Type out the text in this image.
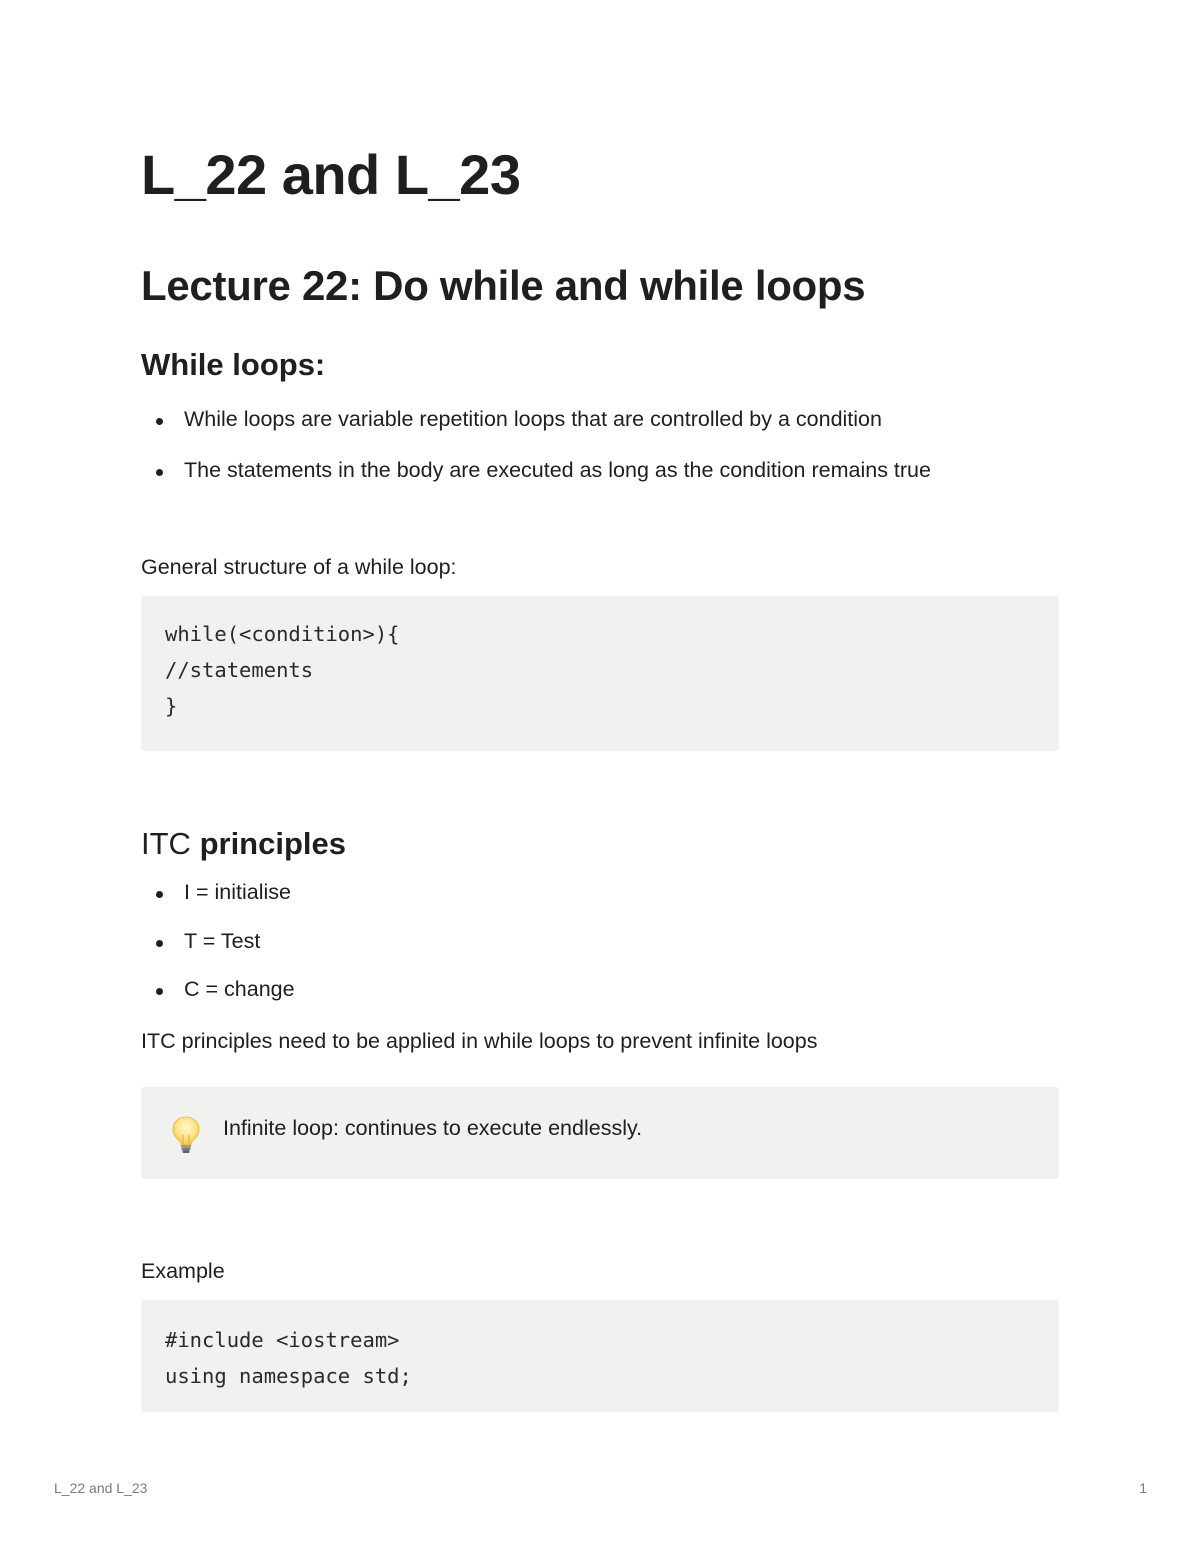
L_22 and L_23
Lecture 22: Do while and while loops
While loops:
While loops are variable repetition loops that are controlled by a condition
The statements in the body are executed as long as the condition remains true

General structure of a while loop:

while(<condition>){
//statements
}
ITC principles
I = initialise
T = Test
C = change

ITC principles need to be applied in while loops to prevent infinite loops

Infinite loop: continues to execute endlessly.

Example

#include <iostream>
using namespace std;
L_22 and L_23	1
